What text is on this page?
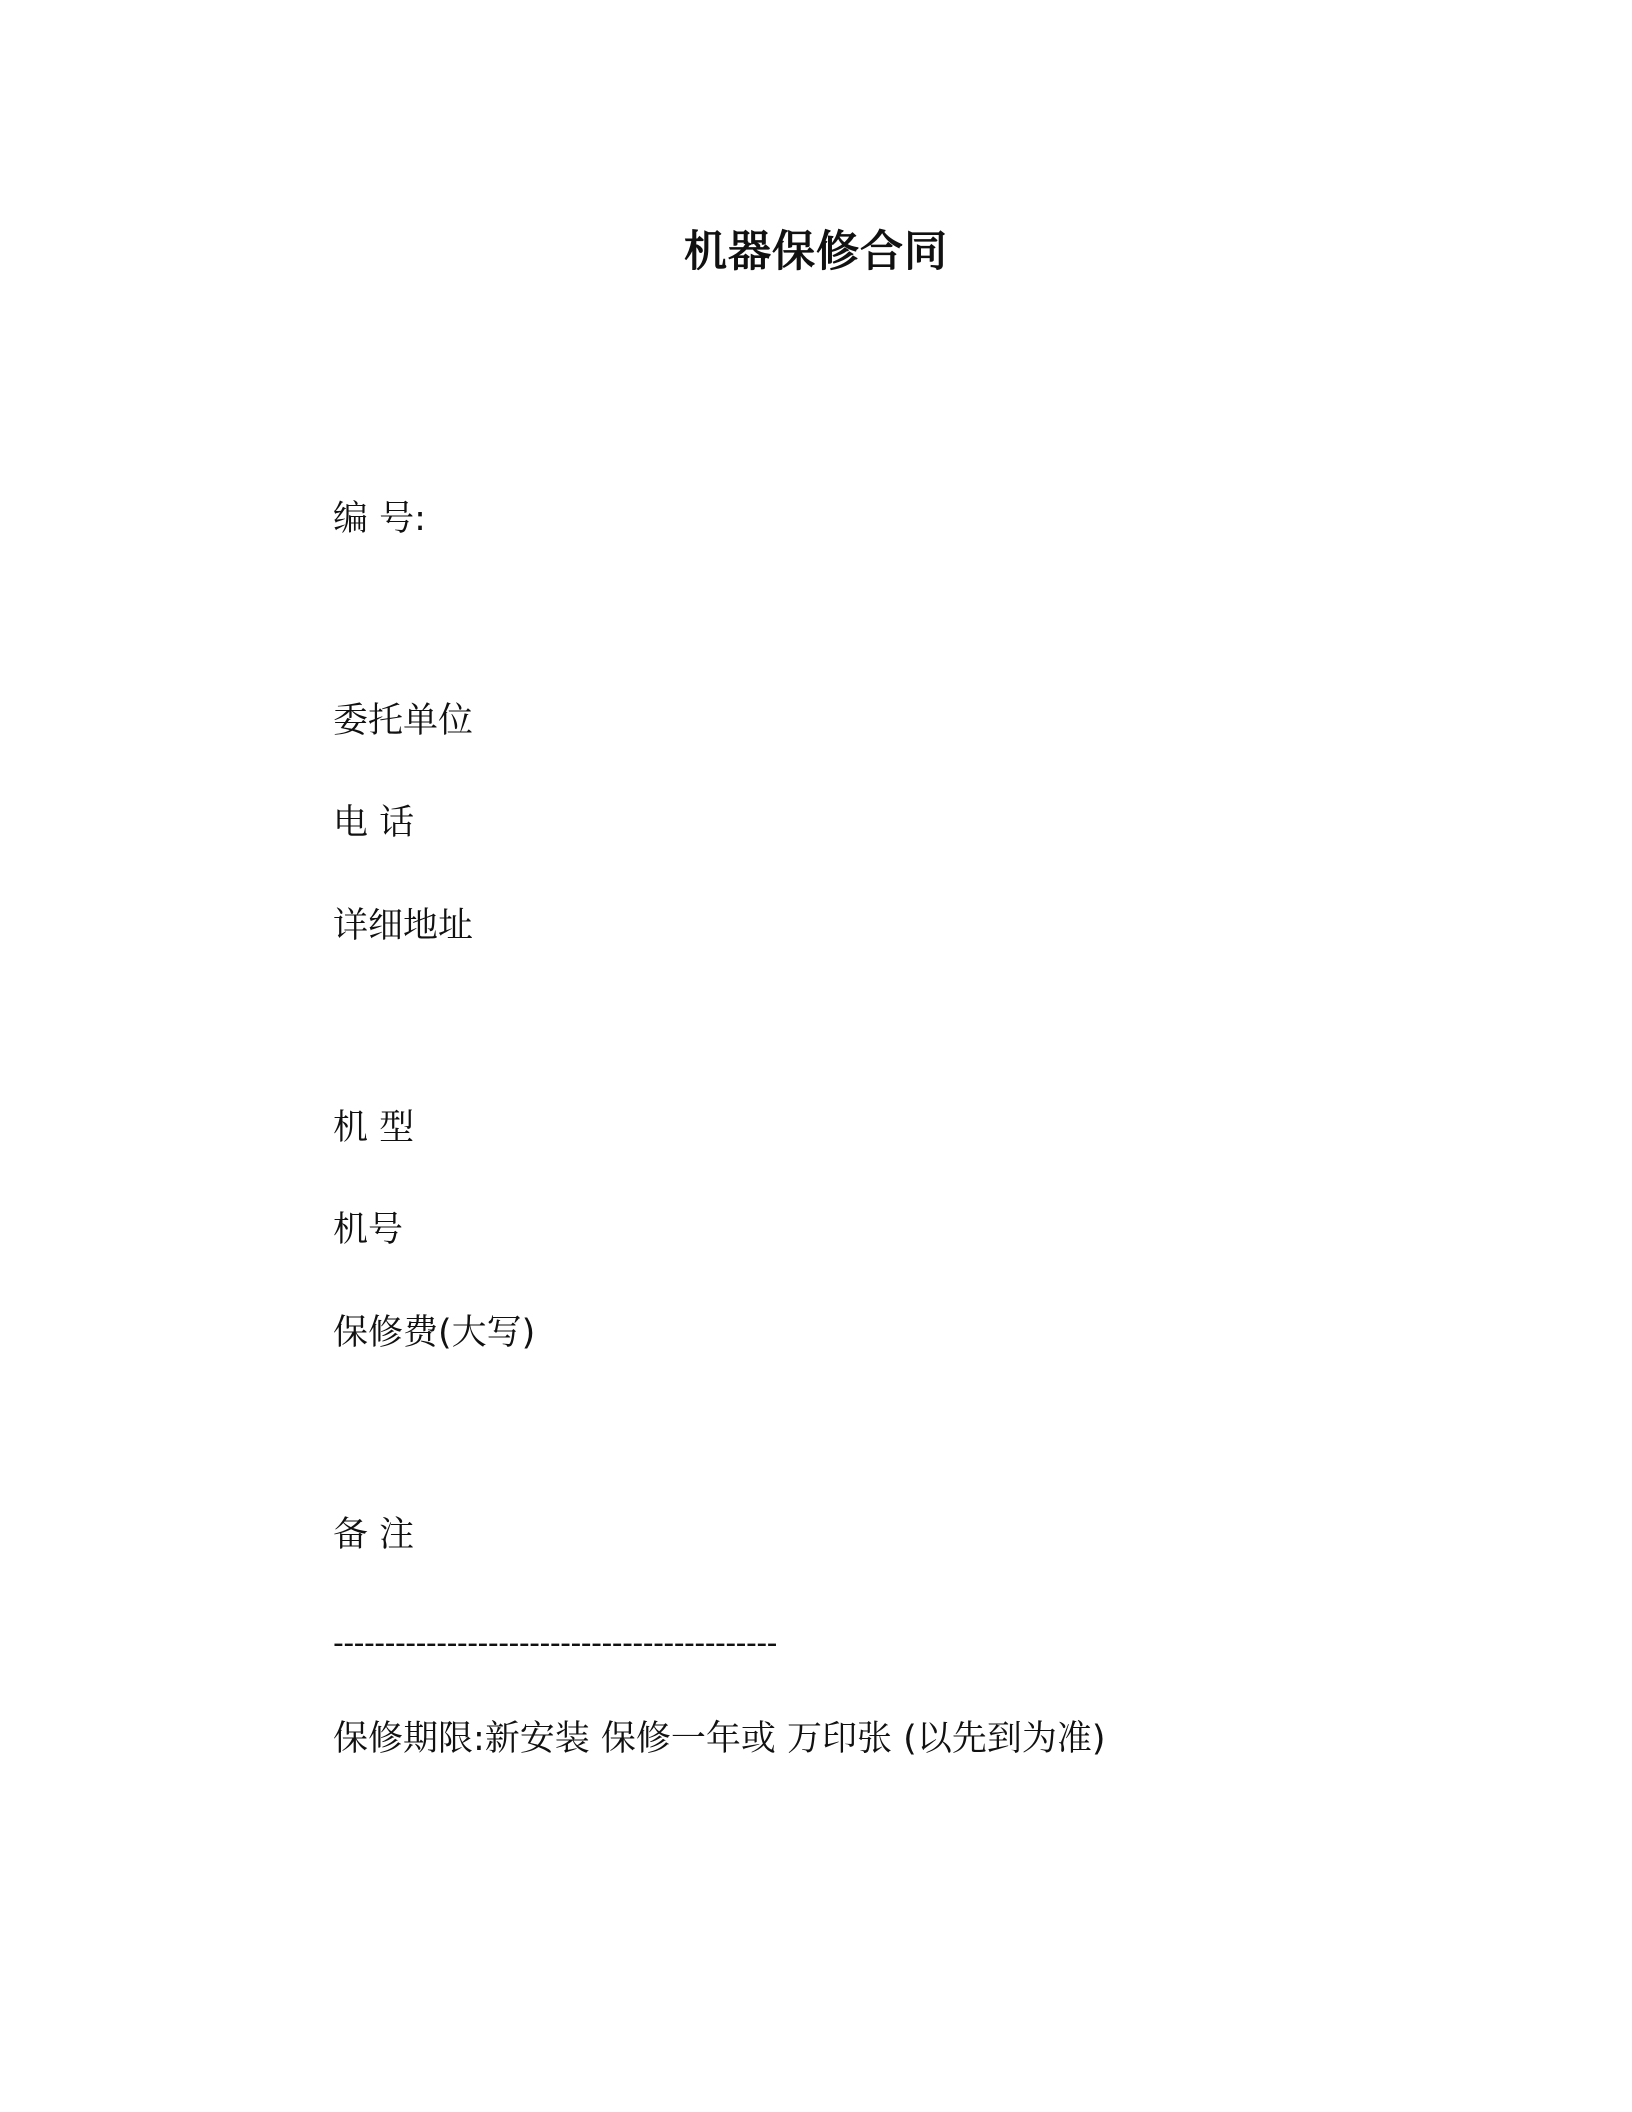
机器保修合同

编 号:

委托单位

电 话

详细地址

机 型

机号

保修费(大写)

备 注

-------------------------------------------

保修期限:新安装 保修一年或 万印张 (以先到为准)
